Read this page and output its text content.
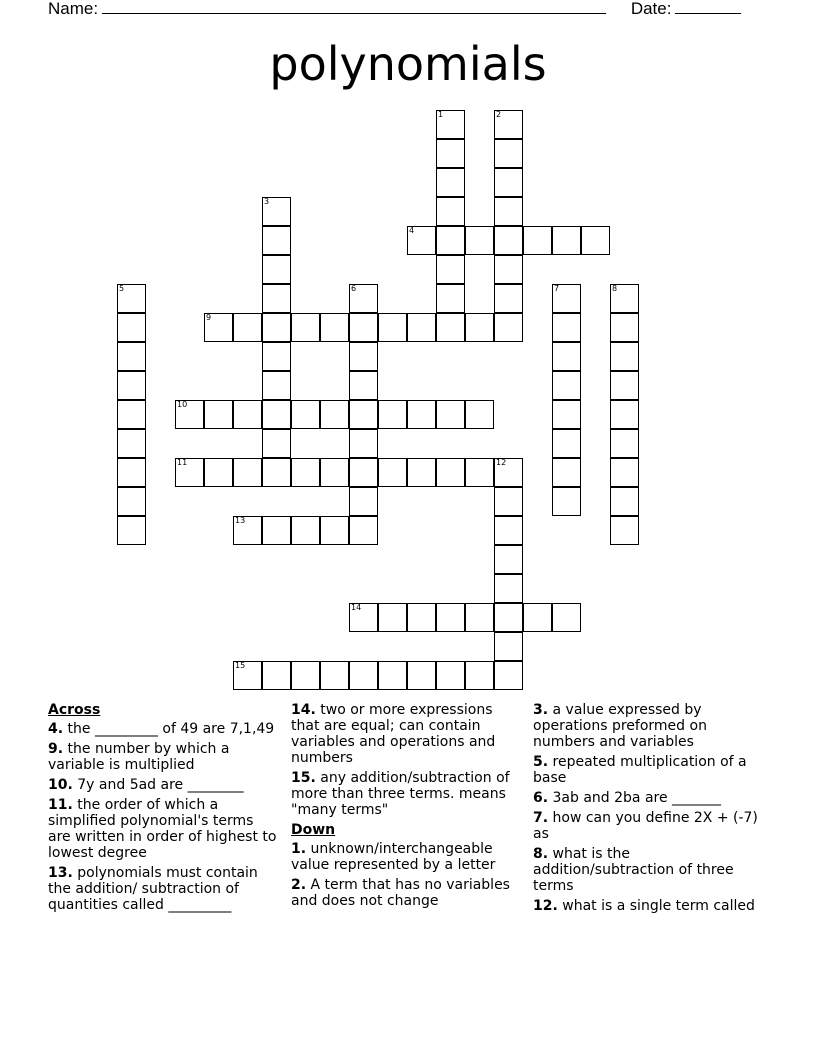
Name:	Date:
polynomials
1	2
3
4
5	6	7	8
9
10
11	12
13
14
15
Across
4. the _________ of 49 are 7,1,49
9. the number by which a variable is multiplied
10. 7y and 5ad are ________
11. the order of which a simplified polynomial's terms are written in order of highest to lowest degree
13. polynomials must contain the addition/ subtraction of quantities called _________
14. two or more expressions that are equal; can contain variables and operations and numbers
15. any addition/subtraction of more than three terms. means "many terms"
Down
1. unknown/interchangeable value represented by a letter
2. A term that has no variables and does not change
3. a value expressed by operations preformed on numbers and variables
5. repeated multiplication of a base
6. 3ab and 2ba are _______
7. how can you define 2X + (-7) as
8. what is the addition/subtraction of three terms
12. what is a single term called
